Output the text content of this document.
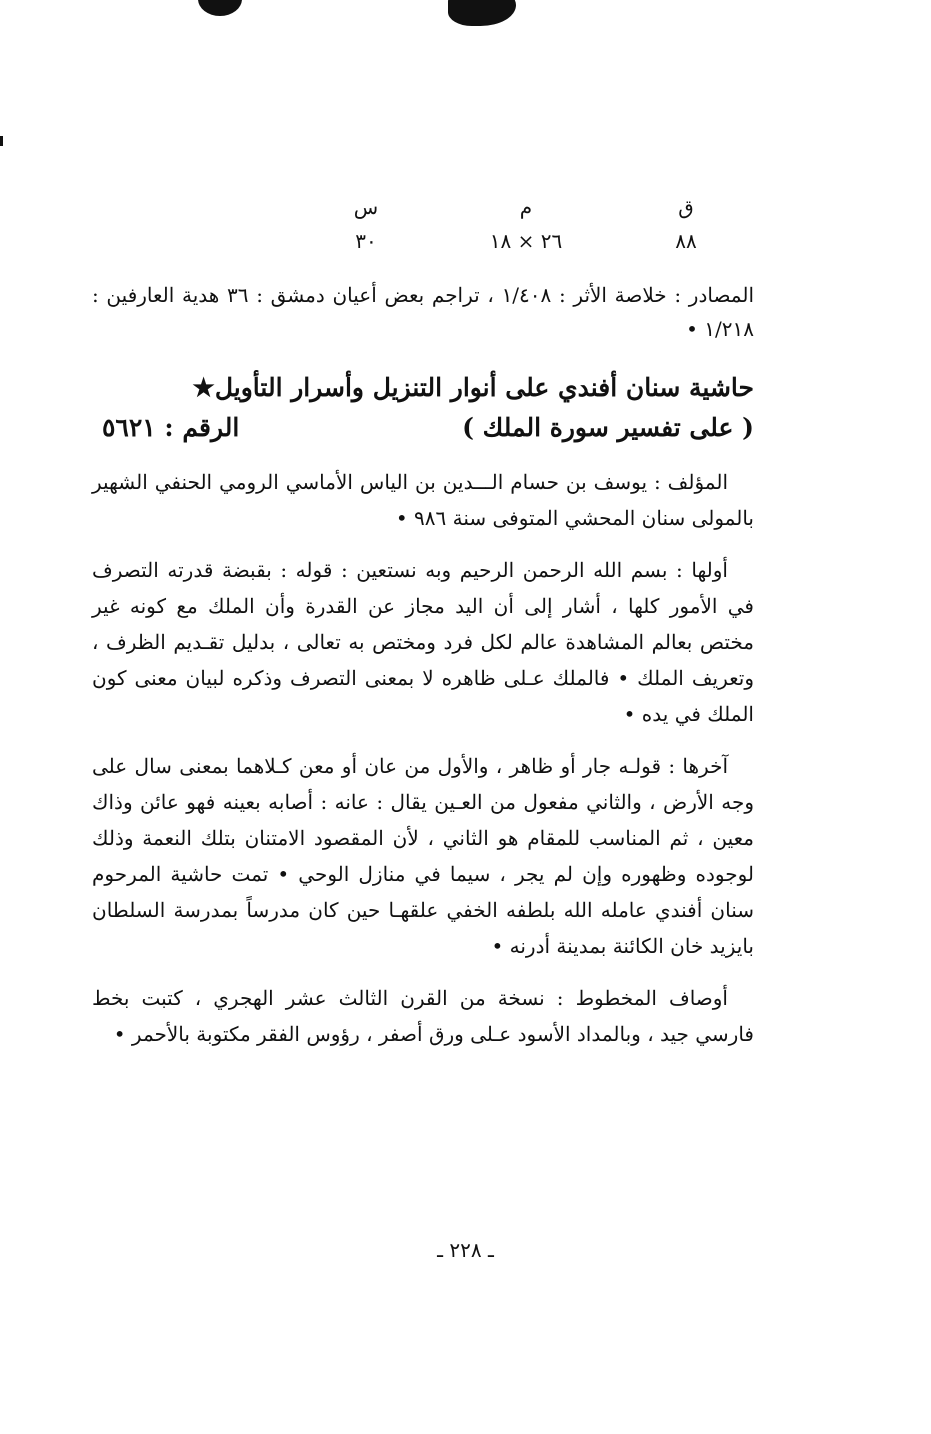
ق
٨٨
م
٢٦ × ١٨
س
٣٠
المصادر : خلاصة الأثر : ١/٤٠٨ ، تراجم بعض أعيان دمشق : ٣٦ هدية العارفين : ١/٢١٨ •
حاشية سنان أفندي على أنوار التنزيل وأسرار التأويل★
( على تفسير سورة الملك )
الرقم : ٥٦٢١
المؤلف : يوسف بن حسام الـــدين بن الياس الأماسي الرومي الحنفي الشهير بالمولى سنان المحشي المتوفى سنة ٩٨٦ •
أولها : بسم الله الرحمن الرحيم وبه نستعين : قوله : بقبضة قدرته التصرف في الأمور كلها ، أشار إلى أن اليد مجاز عن القدرة وأن الملك مع كونه غير مختص بعالم المشاهدة عالم لكل فرد ومختص به تعالى ، بدليل تقـديم الظرف ، وتعريف الملك • فالملك عـلى ظاهره لا بمعنى التصرف وذكره لبيان معنى كون الملك في يده •
آخرها : قولـه جار أو ظاهر ، والأول من عان أو معن كـلاهما بمعنى سال على وجه الأرض ، والثاني مفعول من العـين يقال : عانه : أصابه بعينه فهو عائن وذاك معين ، ثم المناسب للمقام هو الثاني ، لأن المقصود الامتنان بتلك النعمة وذلك لوجوده وظهوره وإن لم يجر ، سيما في منازل الوحي • تمت حاشية المرحوم سنان أفندي عامله الله بلطفه الخفي علقهـا حين كان مدرساً بمدرسة السلطان بايزيد خان الكائنة بمدينة أدرنه •
أوصاف المخطوط : نسخة من القرن الثالث عشر الهجري ، كتبت بخط فارسي جيد ، وبالمداد الأسود عـلى ورق أصفر ، رؤوس الفقر مكتوبة بالأحمر •
ـ ٢٢٨ ـ
